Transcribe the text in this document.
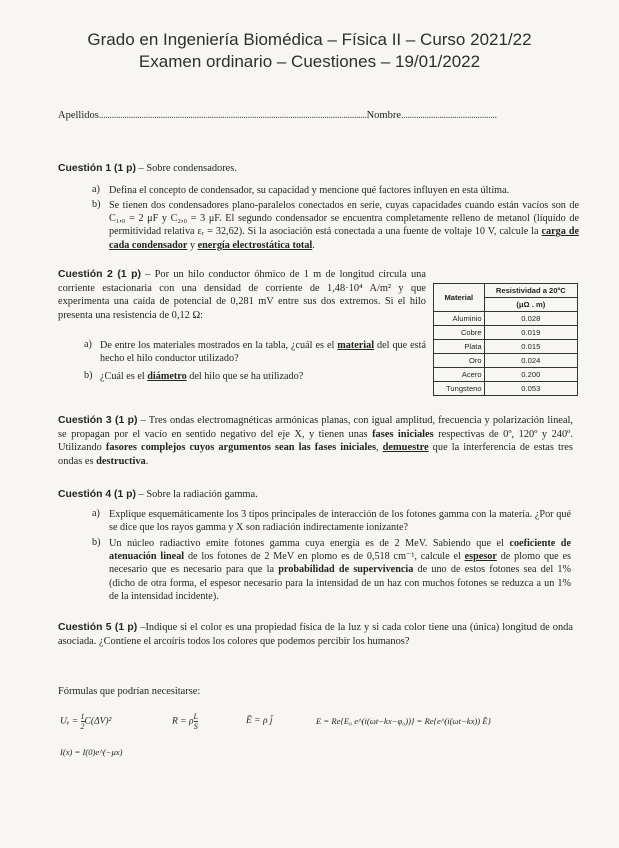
Grado en Ingeniería Biomédica – Física II – Curso 2021/22
Examen ordinario – Cuestiones – 19/01/2022
Apellidos..............................................................................................................................Nombre.............................................
Cuestión 1 (1 p) – Sobre condensadores.
a) Defina el concepto de condensador, su capacidad y mencione qué factores influyen en esta última.
b) Se tienen dos condensadores plano-paralelos conectados en serie, cuyas capacidades cuando están vacíos son de C₁,₀ = 2 μF y C₂,₀ = 3 μF. El segundo condensador se encuentra completamente relleno de metanol (líquido de permitividad relativa εᵣ = 32,62). Si la asociación está conectada a una fuente de voltaje 10 V, calcule la carga de cada condensador y energía electrostática total.
Cuestión 2 (1 p) – Por un hilo conductor óhmico de 1 m de longitud circula una corriente estacionaria con una densidad de corriente de 1,48·10⁴ A/m² y que experimenta una caída de potencial de 0,281 mV entre sus dos extremos. Si el hilo presenta una resistencia de 0,12 Ω:
a) De entre los materiales mostrados en la tabla, ¿cuál es el material del que está hecho el hilo conductor utilizado?
b) ¿Cuál es el diámetro del hilo que se ha utilizado?
Material	Resistividad a 20ºC
	(μΩ . m)
Aluminio	0.028
Cobre	0.019
Plata	0.015
Oro	0.024
Acero	0.200
Tungsteno	0.053
Cuestión 3 (1 p) – Tres ondas electromagnéticas armónicas planas, con igual amplitud, frecuencia y polarización lineal, se propagan por el vacío en sentido negativo del eje X, y tienen unas fases iniciales respectivas de 0º, 120º y 240º. Utilizando fasores complejos cuyos argumentos sean las fases iniciales, demuestre que la interferencia de estas tres ondas es destructiva.
Cuestión 4 (1 p) – Sobre la radiación gamma.
a) Explique esquemáticamente los 3 tipos principales de interacción de los fotones gamma con la materia. ¿Por qué se dice que los rayos gamma y X son radiación indirectamente ionizante?
b) Un núcleo radiactivo emite fotones gamma cuya energía es de 2 MeV. Sabiendo que el coeficiente de atenuación lineal de los fotones de 2 MeV en plomo es de 0,518 cm⁻¹, calcule el espesor de plomo que es necesario que es necesario para que la probabilidad de supervivencia de uno de estos fotones sea del 1% (dicho de otra forma, el espesor necesario para la intensidad de un haz con muchos fotones se reduzca a un 1% de la intensidad incidente).
Cuestión 5 (1 p) –Indique si el color es una propiedad física de la luz y si cada color tiene una (única) longitud de onda asociada. ¿Contiene el arcoíris todos los colores que podemos percibir los humanos?
Fórmulas que podrían necesitarse:
$U_e = \frac{1}{2} C(\Delta V)^2$	R = ρ $\frac{L}{S}$	Ē = ρ j̄	E = Re{E₀ e^(i(ωt−kx−φ₀))} = Re{e^(i(ωt−kx)) Ẽ}
I(x) = I(0)e^(−μx)
